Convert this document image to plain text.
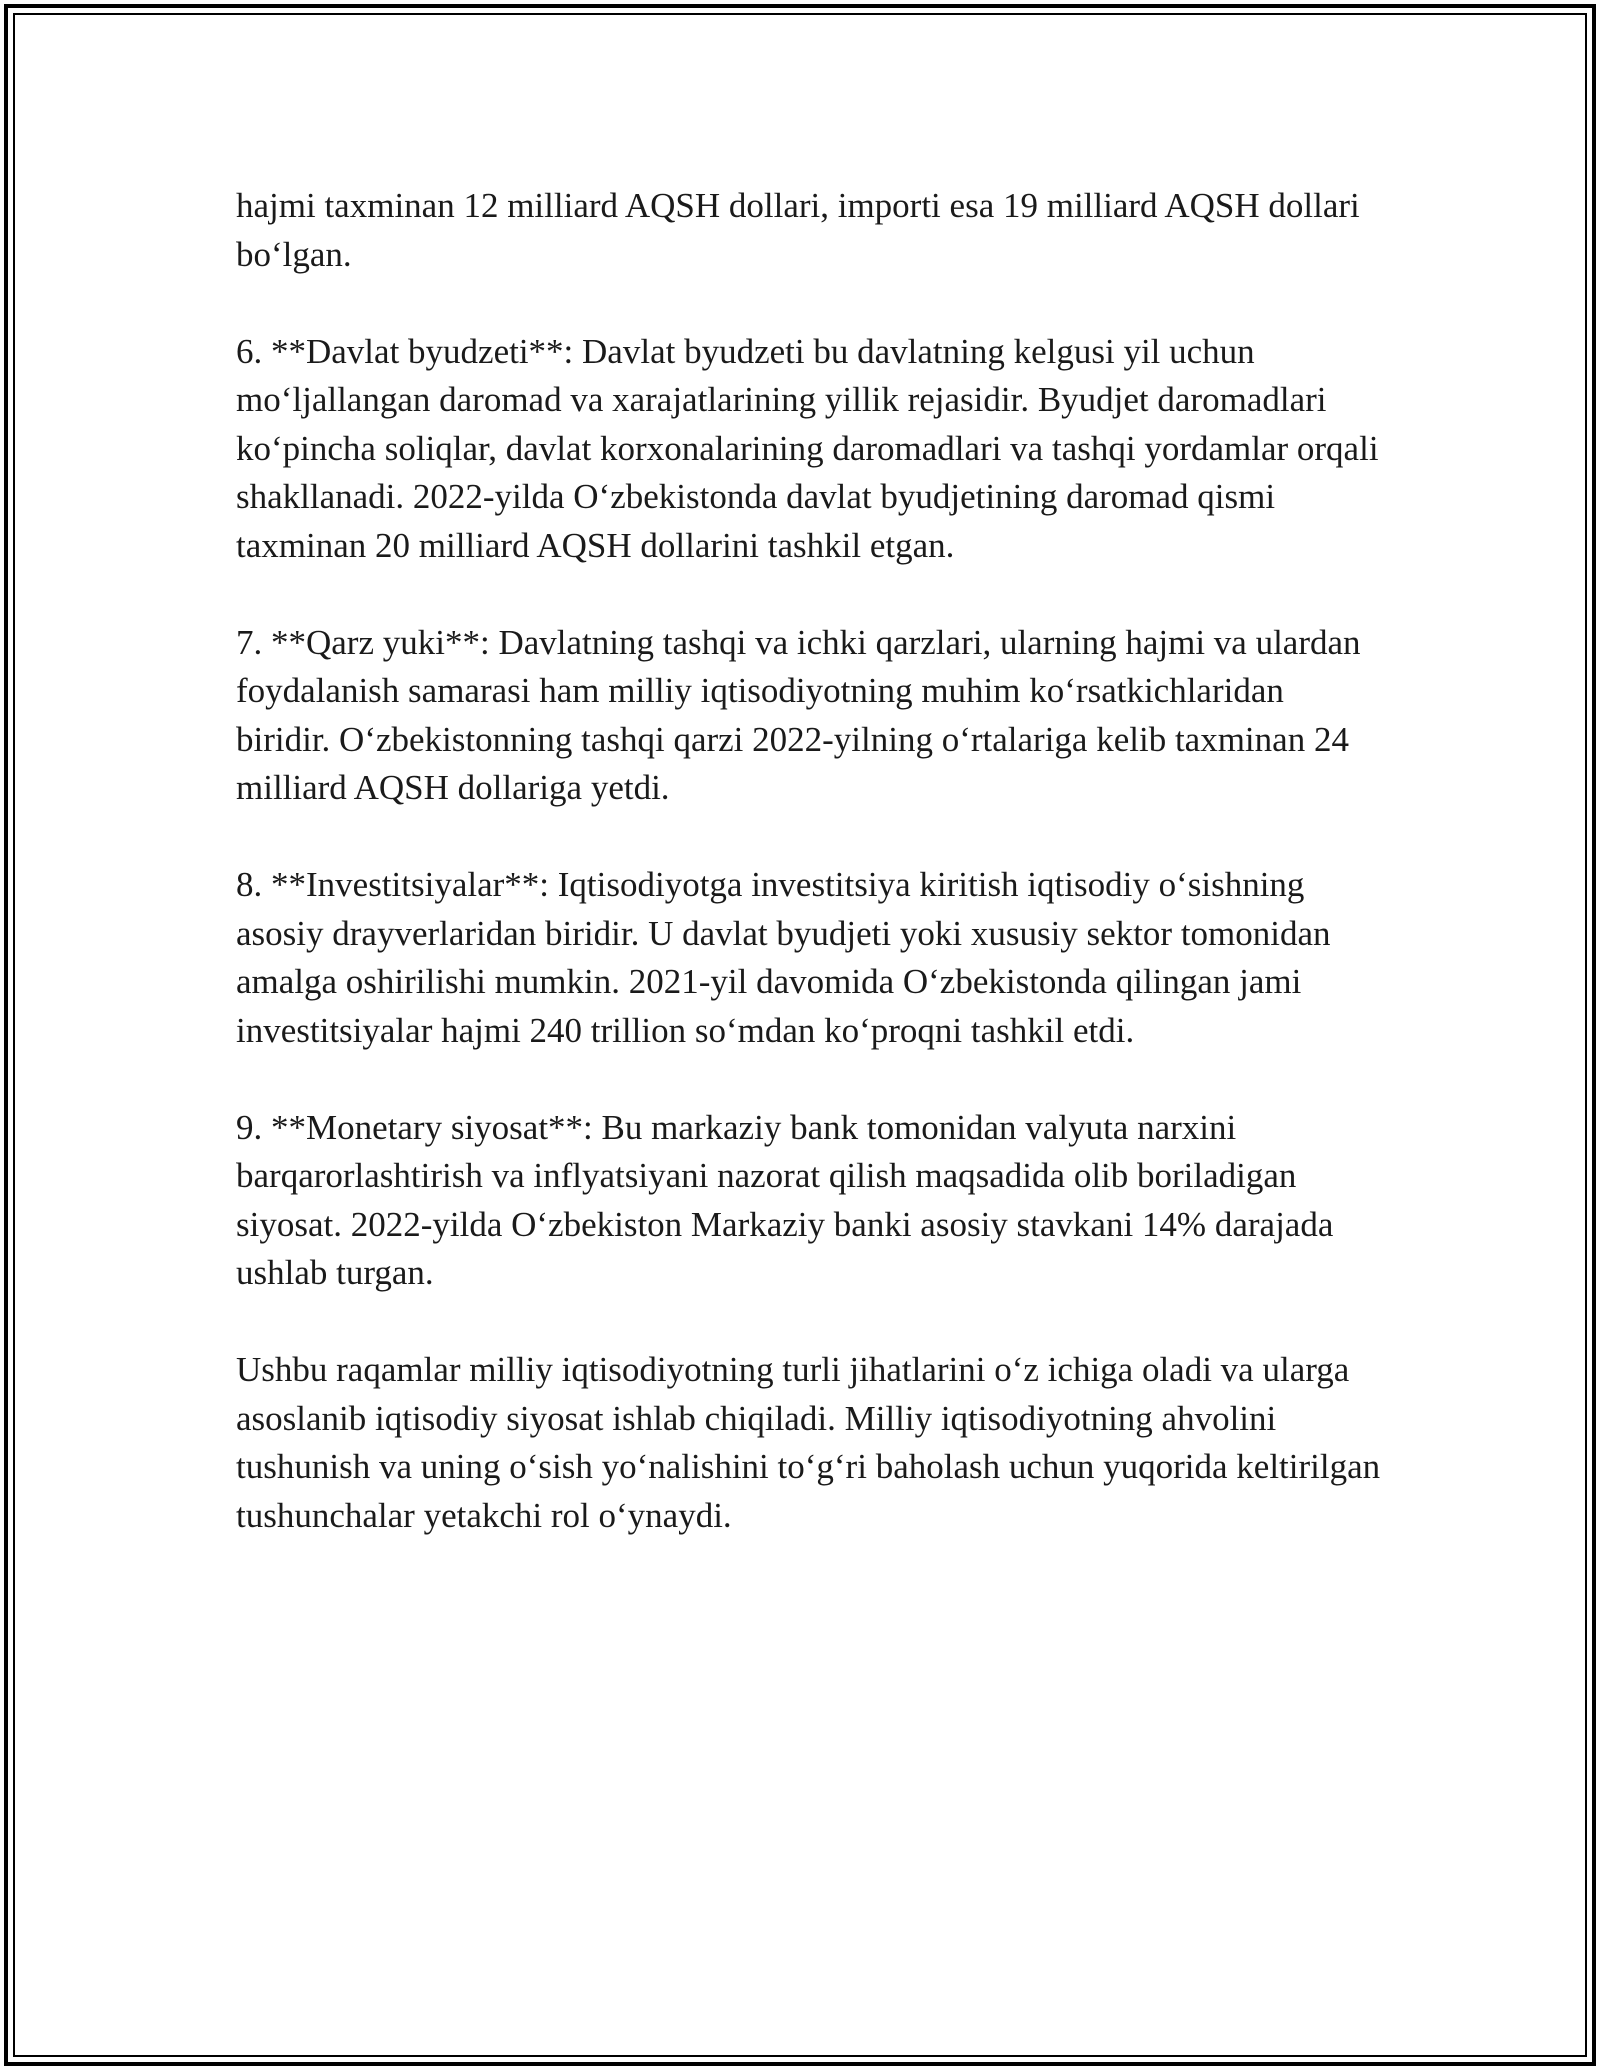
hajmi taxminan 12 milliard AQSH dollari, importi esa 19 milliard AQSH dollari bo‘lgan.

6. **Davlat byudzeti**: Davlat byudzeti bu davlatning kelgusi yil uchun mo‘ljallangan daromad va xarajatlarining yillik rejasidir. Byudjet daromadlari ko‘pincha soliqlar, davlat korxonalarining daromadlari va tashqi yordamlar orqali shakllanadi. 2022-yilda O‘zbekistonda davlat byudjetining daromad qismi taxminan 20 milliard AQSH dollarini tashkil etgan.

7. **Qarz yuki**: Davlatning tashqi va ichki qarzlari, ularning hajmi va ulardan foydalanish samarasi ham milliy iqtisodiyotning muhim ko‘rsatkichlaridan biridir. O‘zbekistonning tashqi qarzi 2022-yilning o‘rtalariga kelib taxminan 24 milliard AQSH dollariga yetdi.

8. **Investitsiyalar**: Iqtisodiyotga investitsiya kiritish iqtisodiy o‘sishning asosiy drayverlaridan biridir. U davlat byudjeti yoki xususiy sektor tomonidan amalga oshirilishi mumkin. 2021-yil davomida O‘zbekistonda qilingan jami investitsiyalar hajmi 240 trillion so‘mdan ko‘proqni tashkil etdi.

9. **Monetary siyosat**: Bu markaziy bank tomonidan valyuta narxini barqarorlashtirish va inflyatsiyani nazorat qilish maqsadida olib boriladigan siyosat. 2022-yilda O‘zbekiston Markaziy banki asosiy stavkani 14% darajada ushlab turgan.

Ushbu raqamlar milliy iqtisodiyotning turli jihatlarini o‘z ichiga oladi va ularga asoslanib iqtisodiy siyosat ishlab chiqiladi. Milliy iqtisodiyotning ahvolini tushunish va uning o‘sish yo‘nalishini to‘g‘ri baholash uchun yuqorida keltirilgan tushunchalar yetakchi rol o‘ynaydi.
